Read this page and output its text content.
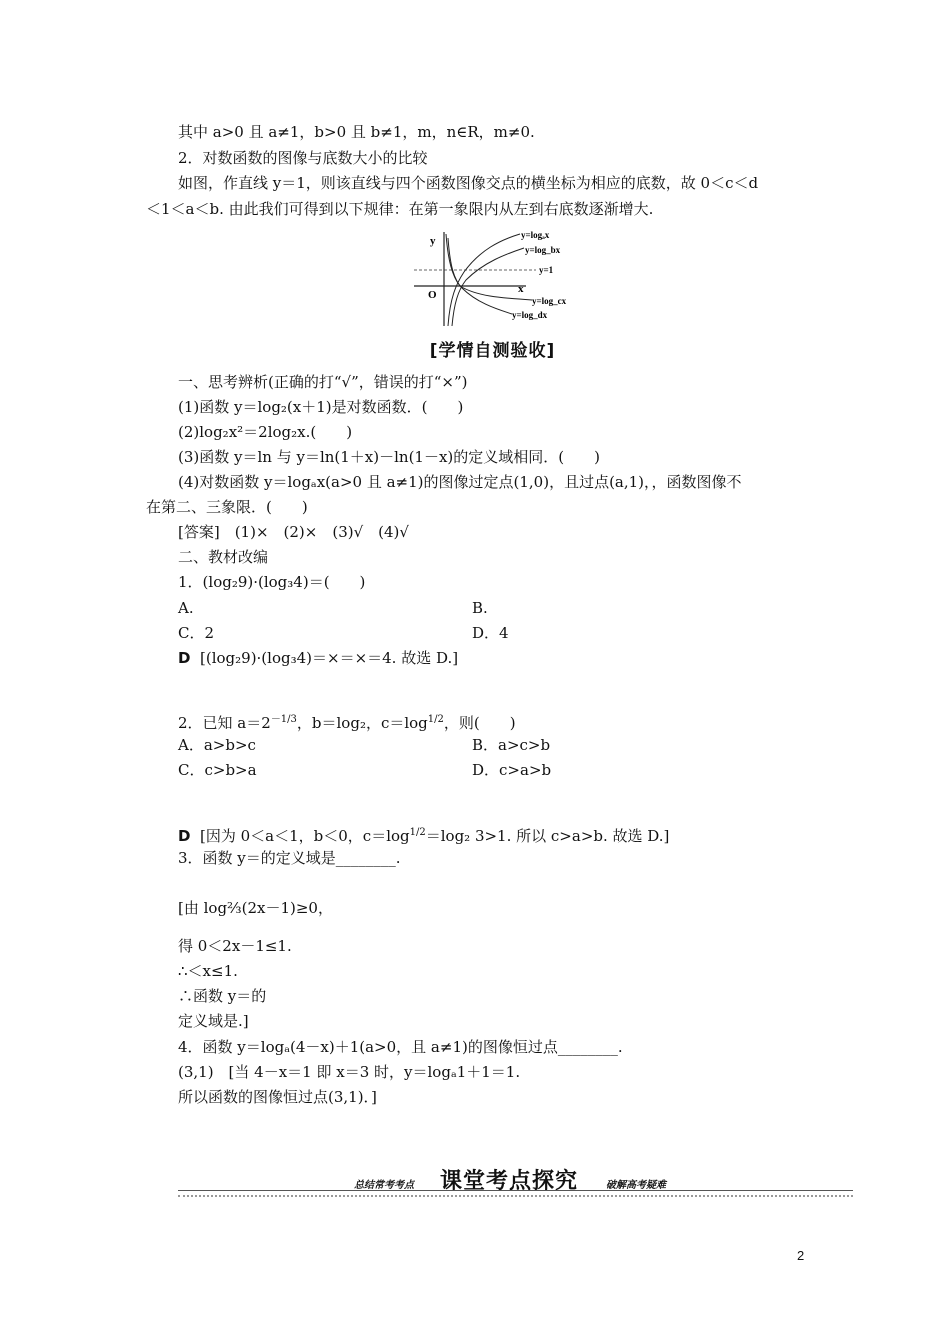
其中 a>0 且 a≠1，b>0 且 b≠1，m，n∈R，m≠0.
2．对数函数的图像与底数大小的比较
如图，作直线 y＝1，则该直线与四个函数图像交点的横坐标为相应的底数，故 0＜c＜d
＜1＜a＜b. 由此我们可得到以下规律：在第一象限内从左到右底数逐渐增大.
y
x
O
y=logₐx
y=log_bx
y=1
y=log_cx
y=log_dx
[学情自测验收]
一、思考辨析(正确的打“√”，错误的打“×”)
(1)函数 y＝log₂(x＋1)是对数函数．(　　)
(2)log₂x²＝2log₂x.(　　)
(3)函数 y＝ln 与 y＝ln(1＋x)－ln(1－x)的定义域相同．(　　)
(4)对数函数 y＝logₐx(a>0 且 a≠1)的图像过定点(1,0)，且过点(a,1)，，函数图像不
在第二、三象限．(　　)
[答案]　(1)×　(2)×　(3)√　(4)√
二、教材改编
1．(log₂9)·(log₃4)＝(　　)
A.	B.
C．2	D．4
D [(log₂9)·(log₃4)＝×＝×＝4. 故选 D.]
2．已知 $a=2^{-1/3}$，b＝log₂，$c=\log^{1/2}$，则(　　)
A．a>b>c	B．a>c>b
C．c>b>a	D．c>a>b
D [因为 0＜a＜1，b＜0，$c=\log^{1/2}=\log_2$ 3>1. 所以 c>a>b. 故选 D.]
3．函数 y＝的定义域是________.
[由 log⅔(2x－1)≥0，
得 0＜2x－1≤1.
∴＜x≤1.
∴函数 y＝的
定义域是.]
4．函数 y＝logₐ(4－x)＋1(a>0，且 a≠1)的图像恒过点________.
(3,1)　[当 4－x＝1 即 x＝3 时，y＝logₐ1＋1＝1.
所以函数的图像恒过点(3,1)．]
总结常考考点 课堂考点探究	破解高考疑难
2
